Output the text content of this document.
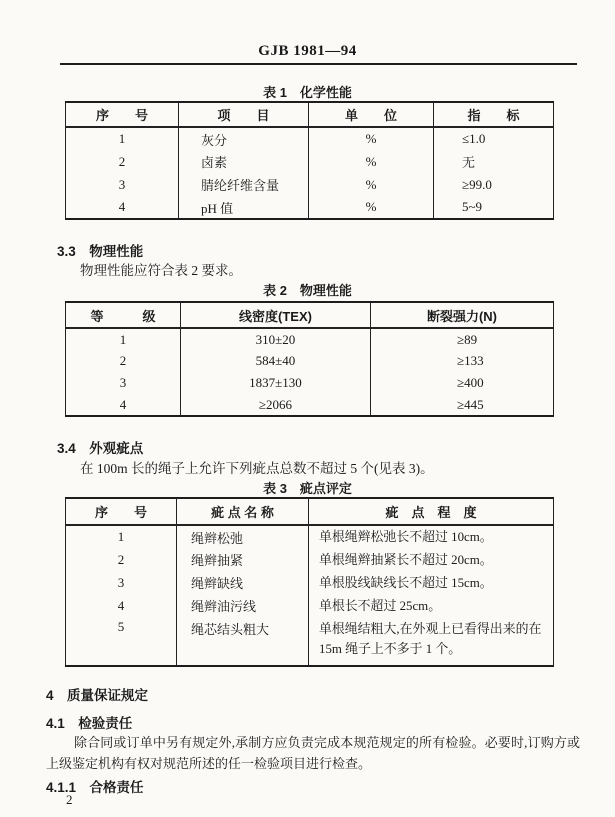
GJB 1981—94
表 1　化学性能
序　　号	项　　目	单　　位	指　　标
1	灰分	%	≤1.0
2	卤素	%	无
3	腈纶纤维含量	%	≥99.0
4	pH 值	%	5~9
3.3　物理性能
物理性能应符合表 2 要求。
表 2　物理性能
等　　　级	线密度(TEX)	断裂强力(N)
1	310±20	≥89
2	584±40	≥133
3	1837±130	≥400
4	≥2066	≥445
3.4　外观疵点
在 100m 长的绳子上允许下列疵点总数不超过 5 个(见表 3)。
表 3　疵点评定
序　　号	疵 点 名 称	疵　点　程　度
1	绳辫松弛	单根绳辫松弛长不超过 10cm。
2	绳辫抽紧	单根绳辫抽紧长不超过 20cm。
3	绳辫缺线	单根股线缺线长不超过 15cm。
4	绳辫油污线	单根长不超过 25cm。
5	绳芯结头粗大	单根绳结粗大,在外观上已看得出来的在 15m 绳子上不多于 1 个。
4　质量保证规定
4.1　检验责任
除合同或订单中另有规定外,承制方应负责完成本规范规定的所有检验。必要时,订购方或上级鉴定机构有权对规范所述的任一检验项目进行检查。
4.1.1　合格责任
2
